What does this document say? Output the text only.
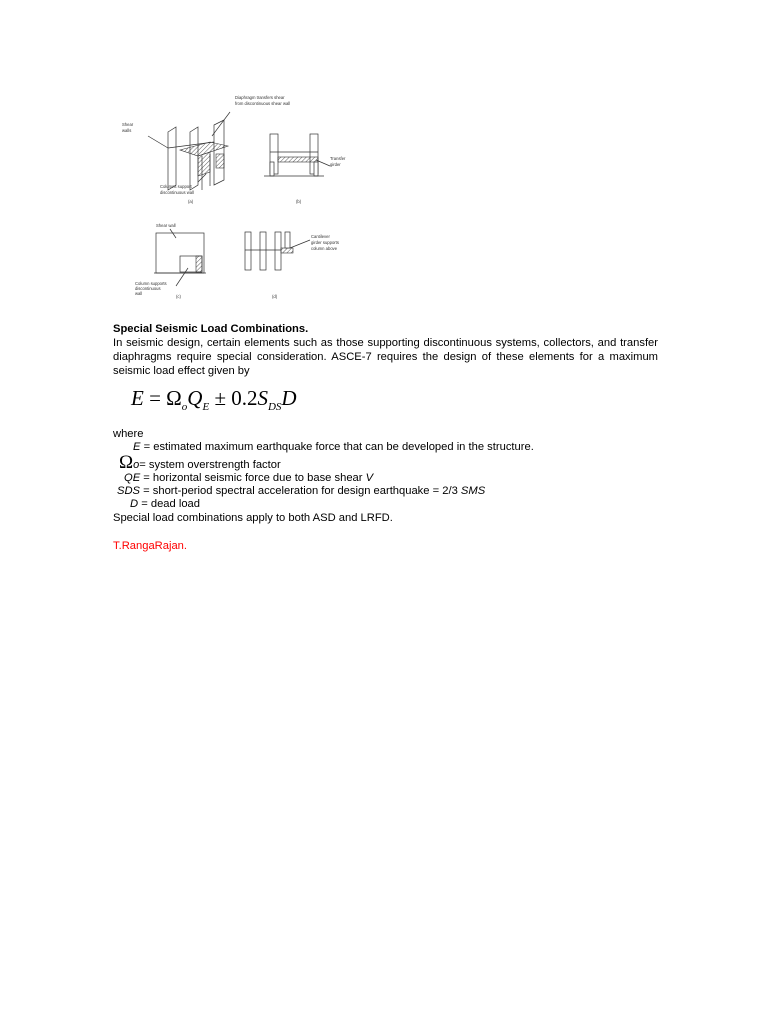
Diaphragm transfers shear
from discontinuous shear wall
Shear
walls
Columns support
discontinuous wall
(a)
Transfer
girder
(b)
Shear wall
Column supports
discontinuous
wall
(c)
Cantilever
girder supports
column above
(d)
Special Seismic Load Combinations.
In seismic design, certain elements such as those supporting discontinuous systems, collectors, and transfer diaphragms require special consideration. ASCE-7 requires the design of these elements for a maximum seismic load effect given by
$E = \Omega_oQ_E \pm 0.2S_{DS}D$
where
E = estimated maximum earthquake force that can be developed in the structure.
Ωo= system overstrength factor
QE = horizontal seismic force due to base shear V
SDS = short-period spectral acceleration for design earthquake = 2/3 SMS
D = dead load
Special load combinations apply to both ASD and LRFD.
T.RangaRajan.
